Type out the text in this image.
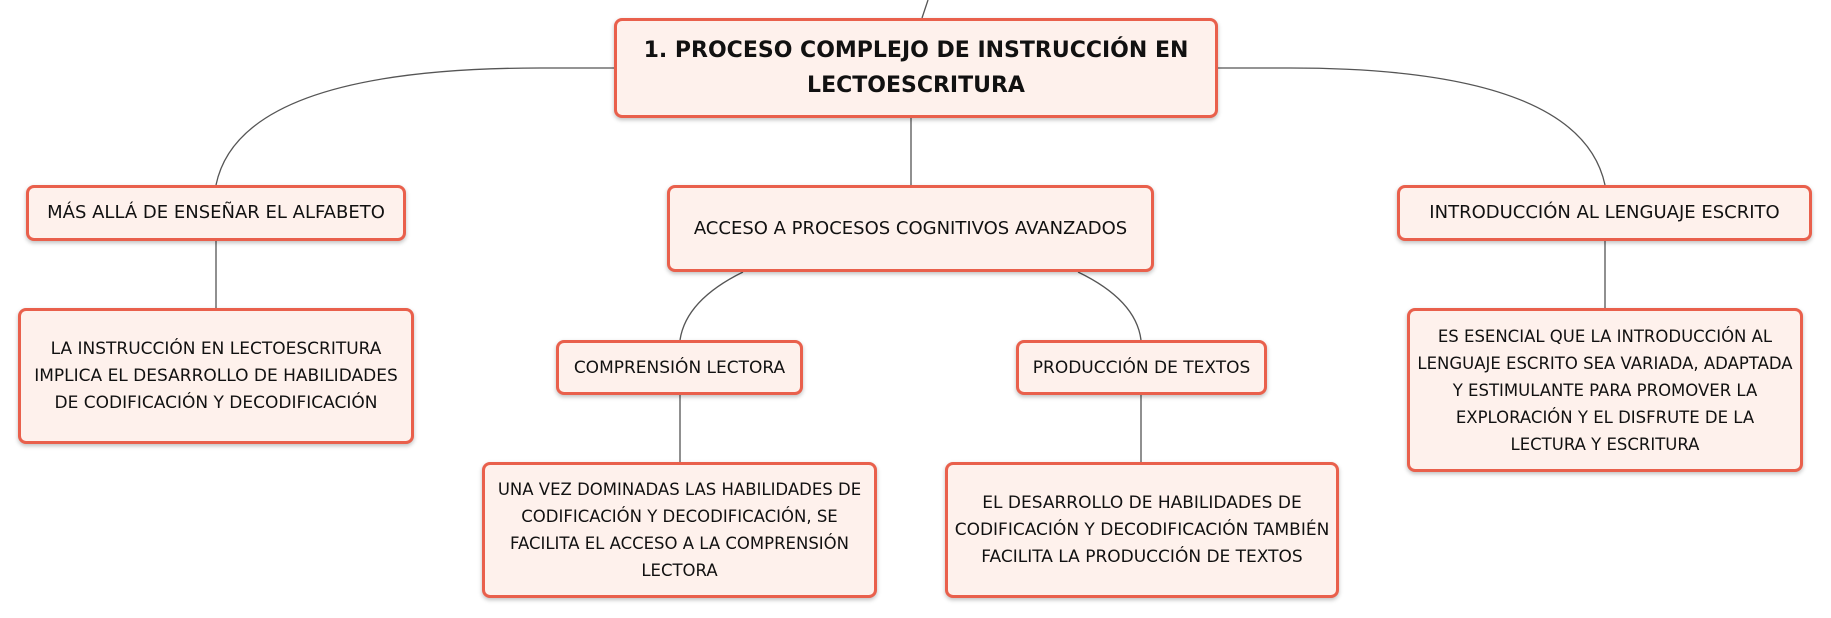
1. PROCESO COMPLEJO DE INSTRUCCIÓN EN LECTOESCRITURA
MÁS ALLÁ DE ENSEÑAR EL ALFABETO
ACCESO A PROCESOS COGNITIVOS AVANZADOS
INTRODUCCIÓN AL LENGUAJE ESCRITO
COMPRENSIÓN LECTORA	PRODUCCIÓN DE TEXTOS
LA INSTRUCCIÓN EN LECTOESCRITURA IMPLICA EL DESARROLLO DE HABILIDADES DE CODIFICACIÓN Y DECODIFICACIÓN
UNA VEZ DOMINADAS LAS HABILIDADES DE CODIFICACIÓN Y DECODIFICACIÓN, SE FACILITA EL ACCESO A LA COMPRENSIÓN LECTORA
EL DESARROLLO DE HABILIDADES DE CODIFICACIÓN Y DECODIFICACIÓN TAMBIÉN FACILITA LA PRODUCCIÓN DE TEXTOS
ES ESENCIAL QUE LA INTRODUCCIÓN AL LENGUAJE ESCRITO SEA VARIADA, ADAPTADA Y ESTIMULANTE PARA PROMOVER LA EXPLORACIÓN Y EL DISFRUTE DE LA LECTURA Y ESCRITURA
